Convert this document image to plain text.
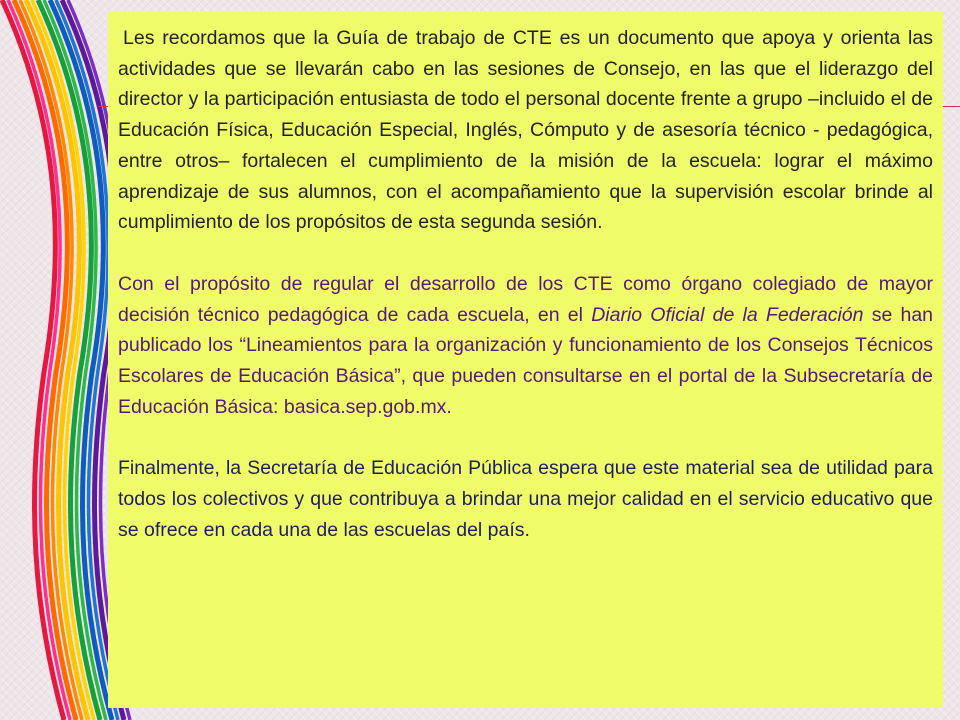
Les recordamos que la Guía de trabajo de CTE es un documento que apoya y orienta las actividades que se llevarán cabo en las sesiones de Consejo, en las que el liderazgo del director y la participación entusiasta de todo el personal docente frente a grupo –incluido el de Educación Física, Educación Especial, Inglés, Cómputo y de asesoría técnico - pedagógica, entre otros– fortalecen el cumplimiento de la misión de la escuela: lograr el máximo aprendizaje de sus alumnos, con el acompañamiento que la supervisión escolar brinde al cumplimiento de los propósitos de esta segunda sesión.

Con el propósito de regular el desarrollo de los CTE como órgano colegiado de mayor decisión técnico pedagógica de cada escuela, en el Diario Oficial de la Federación se han publicado los “Lineamientos para la organización y funcionamiento de los Consejos Técnicos Escolares de Educación Básica”, que pueden consultarse en el portal de la Subsecretaría de Educación Básica: basica.sep.gob.mx.

Finalmente, la Secretaría de Educación Pública espera que este material sea de utilidad para todos los colectivos y que contribuya a brindar una mejor calidad en el servicio educativo que se ofrece en cada una de las escuelas del país.
